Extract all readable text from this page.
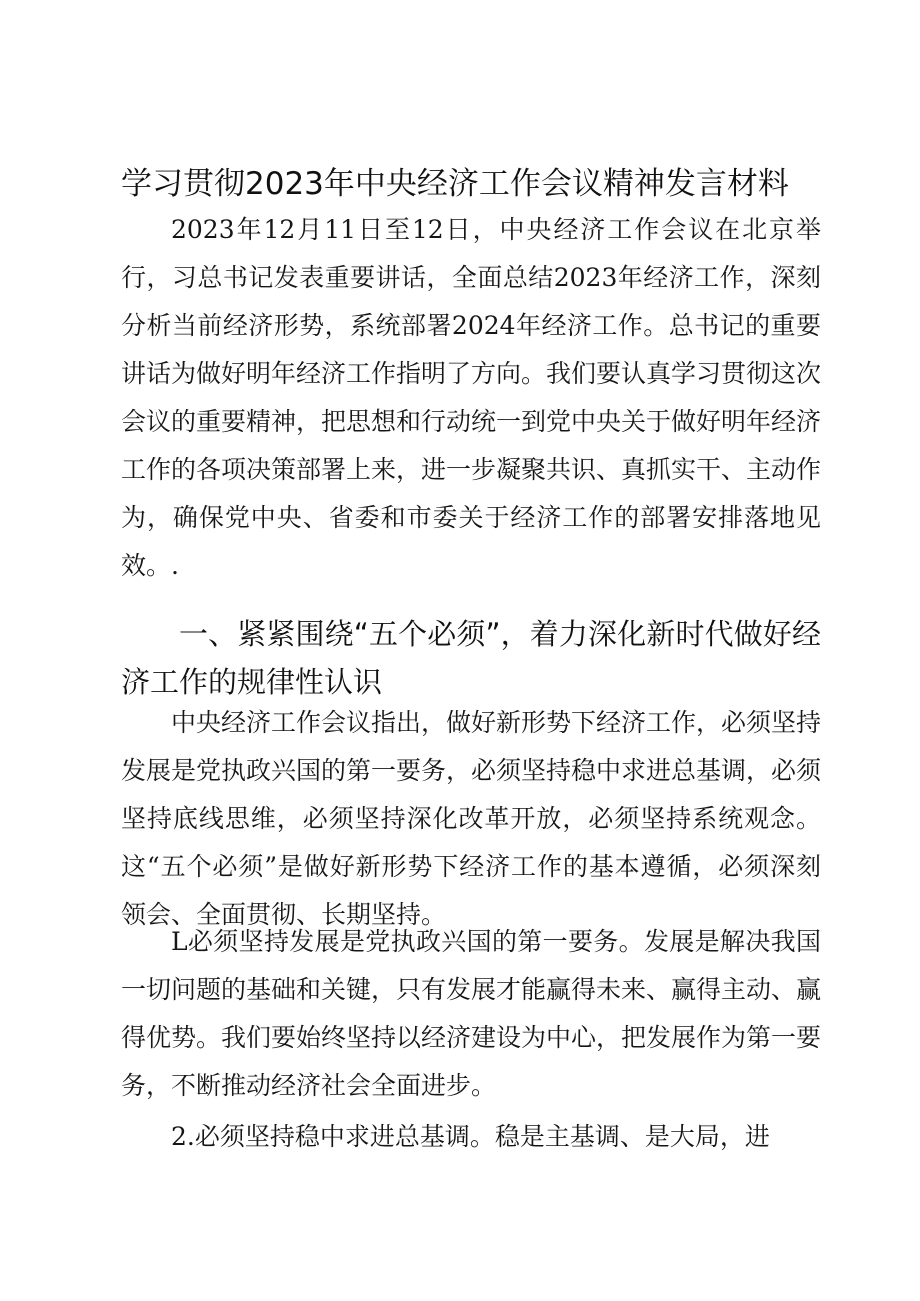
2023年12月11日至12日，中央经济工作会议在北京举行，习总书记发表重要讲话，全面总结2023年经济工作，深刻分析当前经济形势，系统部署2024年经济工作。总书记的重要讲话为做好明年经济工作指明了方向。我们要认真学习贯彻这次会议的重要精神，把思想和行动统一到党中央关于做好明年经济工作的各项决策部署上来，进一步凝聚共识、真抓实干、主动作为，确保党中央、省委和市委关于经济工作的部署安排落地见效。.

学习贯彻2023年中央经济工作会议精神发言材料

一、紧紧围绕“五个必须”，着力深化新时代做好经济工作的规律性认识

中央经济工作会议指出，做好新形势下经济工作，必须坚持发展是党执政兴国的第一要务，必须坚持稳中求进总基调，必须坚持底线思维，必须坚持深化改革开放，必须坚持系统观念。这“五个必须”是做好新形势下经济工作的基本遵循，必须深刻领会、全面贯彻、长期坚持。

L必须坚持发展是党执政兴国的第一要务。发展是解决我国一切问题的基础和关键，只有发展才能赢得未来、赢得主动、赢得优势。我们要始终坚持以经济建设为中心，把发展作为第一要务，不断推动经济社会全面进步。

2.必须坚持稳中求进总基调。稳是主基调、是大局，进
